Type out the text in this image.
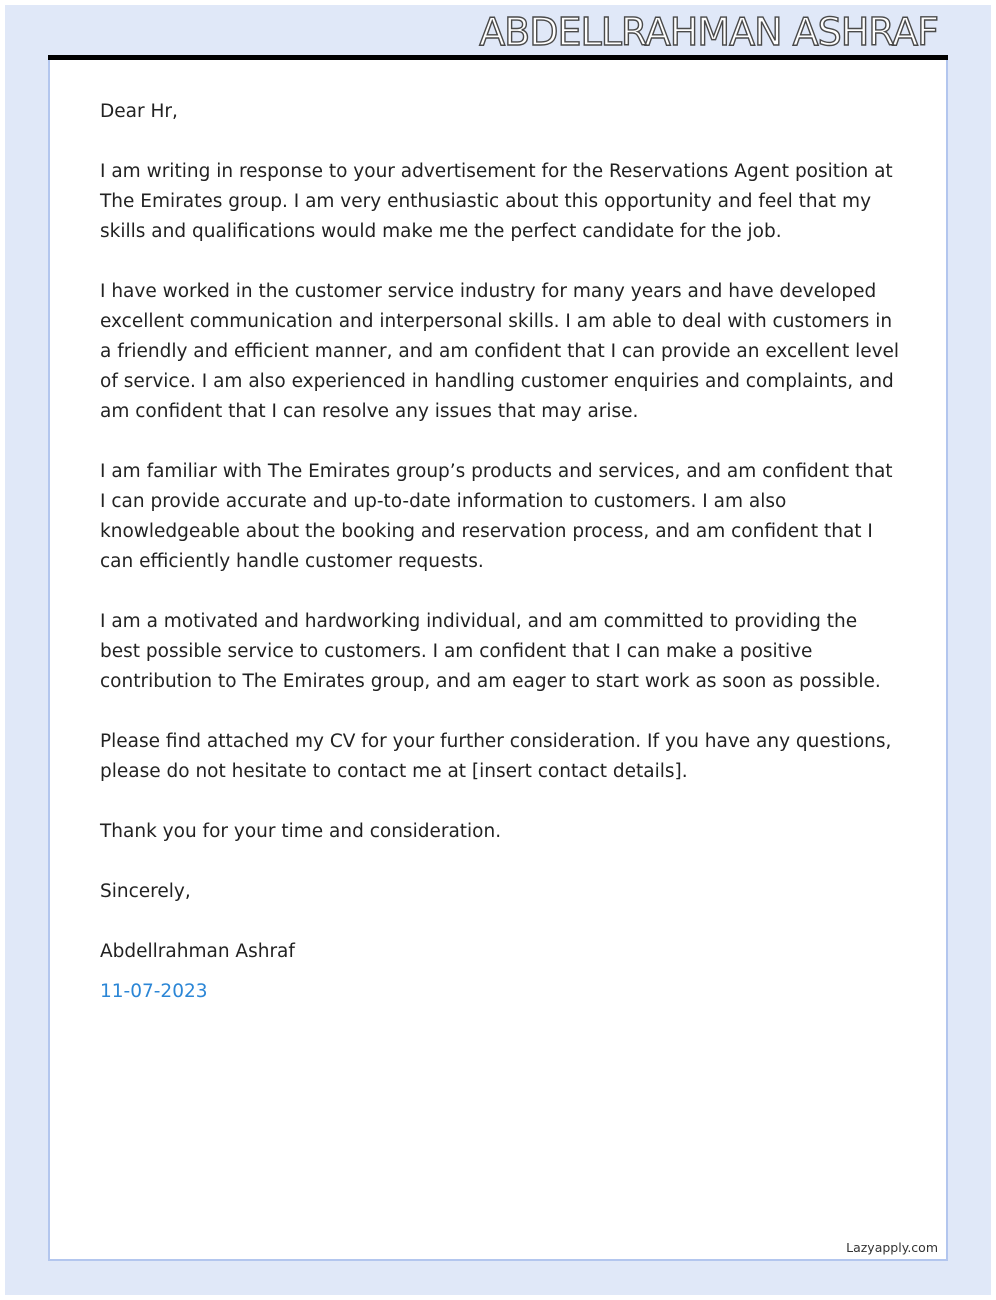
ABDELLRAHMAN ASHRAF

Dear Hr,

I am writing in response to your advertisement for the Reservations Agent position at The Emirates group. I am very enthusiastic about this opportunity and feel that my skills and qualifications would make me the perfect candidate for the job.

I have worked in the customer service industry for many years and have developed excellent communication and interpersonal skills. I am able to deal with customers in a friendly and efficient manner, and am confident that I can provide an excellent level of service. I am also experienced in handling customer enquiries and complaints, and am confident that I can resolve any issues that may arise.

I am familiar with The Emirates group’s products and services, and am confident that I can provide accurate and up-to-date information to customers. I am also knowledgeable about the booking and reservation process, and am confident that I can efficiently handle customer requests.

I am a motivated and hardworking individual, and am committed to providing the best possible service to customers. I am confident that I can make a positive contribution to The Emirates group, and am eager to start work as soon as possible.

Please find attached my CV for your further consideration. If you have any questions, please do not hesitate to contact me at [insert contact details].

Thank you for your time and consideration.

Sincerely,

Abdellrahman Ashraf

11-07-2023

Lazyapply.com
